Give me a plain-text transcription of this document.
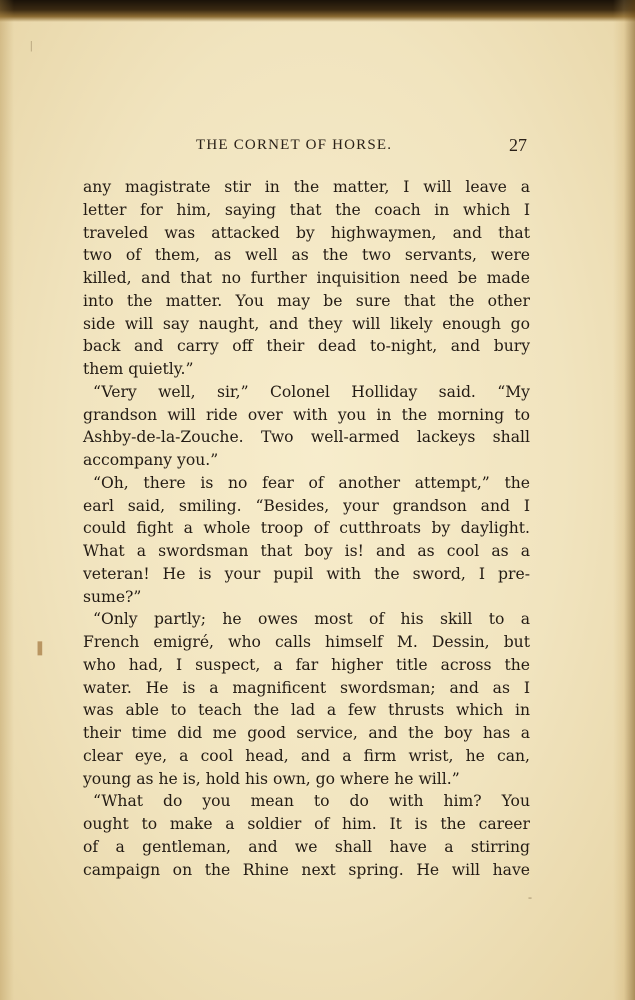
|
❚
-
THE CORNET OF HORSE.	27
any magistrate stir in the matter, I will leave a
letter for him, saying that the coach in which I
traveled was attacked by highwaymen, and that
two of them, as well as the two servants, were
killed, and that no further inquisition need be made
into the matter. You may be sure that the other
side will say naught, and they will likely enough go
back and carry off their dead to-night, and bury
them quietly.”
“Very well, sir,” Colonel Holliday said. “My
grandson will ride over with you in the morning to
Ashby-de-la-Zouche. Two well-armed lackeys shall
accompany you.”
“Oh, there is no fear of another attempt,” the
earl said, smiling. “Besides, your grandson and I
could fight a whole troop of cutthroats by daylight.
What a swordsman that boy is! and as cool as a
veteran! He is your pupil with the sword, I pre-
sume?”
“Only partly; he owes most of his skill to a
French emigré, who calls himself M. Dessin, but
who had, I suspect, a far higher title across the
water. He is a magnificent swordsman; and as I
was able to teach the lad a few thrusts which in
their time did me good service, and the boy has a
clear eye, a cool head, and a firm wrist, he can,
young as he is, hold his own, go where he will.”
“What do you mean to do with him? You
ought to make a soldier of him. It is the career
of a gentleman, and we shall have a stirring
campaign on the Rhine next spring. He will have
